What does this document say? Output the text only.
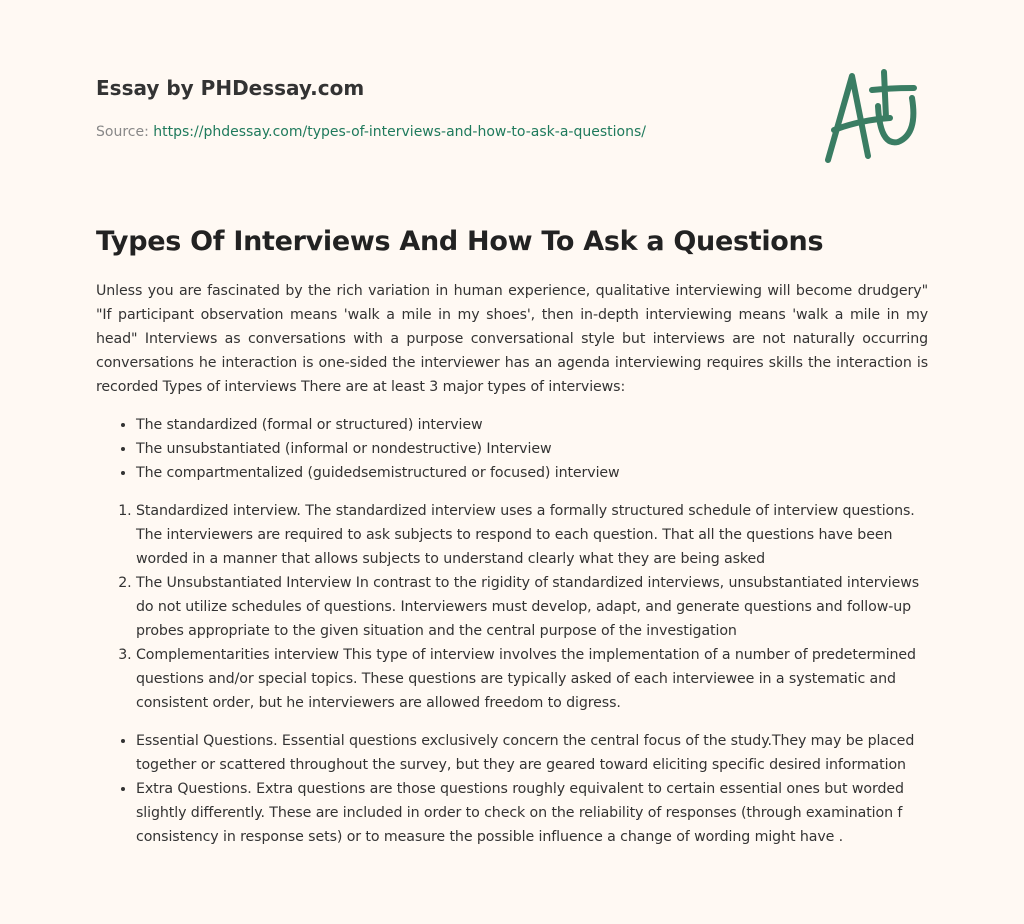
Essay by PHDessay.com
Source: https://phdessay.com/types-of-interviews-and-how-to-ask-a-questions/
Types Of Interviews And How To Ask a Questions

Unless you are fascinated by the rich variation in human experience, qualitative interviewing will become drudgery" "If participant observation means 'walk a mile in my shoes', then in-depth interviewing means 'walk a mile in my head" Interviews as conversations with a purpose conversational style but interviews are not naturally occurring conversations he interaction is one-sided the interviewer has an agenda interviewing requires skills the interaction is recorded Types of interviews There are at least 3 major types of interviews:

• The standardized (formal or structured) interview
• The unsubstantiated (informal or nondestructive) Interview
• The compartmentalized (guidedsemistructured or focused) interview
1. Standardized interview. The standardized interview uses a formally structured schedule of interview questions. The interviewers are required to ask subjects to respond to each question. That all the questions have been worded in a manner that allows subjects to understand clearly what they are being asked
2. The Unsubstantiated Interview In contrast to the rigidity of standardized interviews, unsubstantiated interviews do not utilize schedules of questions. Interviewers must develop, adapt, and generate questions and follow-up probes appropriate to the given situation and the central purpose of the investigation
3. Complementarities interview This type of interview involves the implementation of a number of predetermined questions and/or special topics. These questions are typically asked of each interviewee in a systematic and consistent order, but he interviewers are allowed freedom to digress.
• Essential Questions. Essential questions exclusively concern the central focus of the study.They may be placed together or scattered throughout the survey, but they are geared toward eliciting specific desired information
• Extra Questions. Extra questions are those questions roughly equivalent to certain essential ones but worded slightly differently. These are included in order to check on the reliability of responses (through examination f consistency in response sets) or to measure the possible influence a change of wording might have .
